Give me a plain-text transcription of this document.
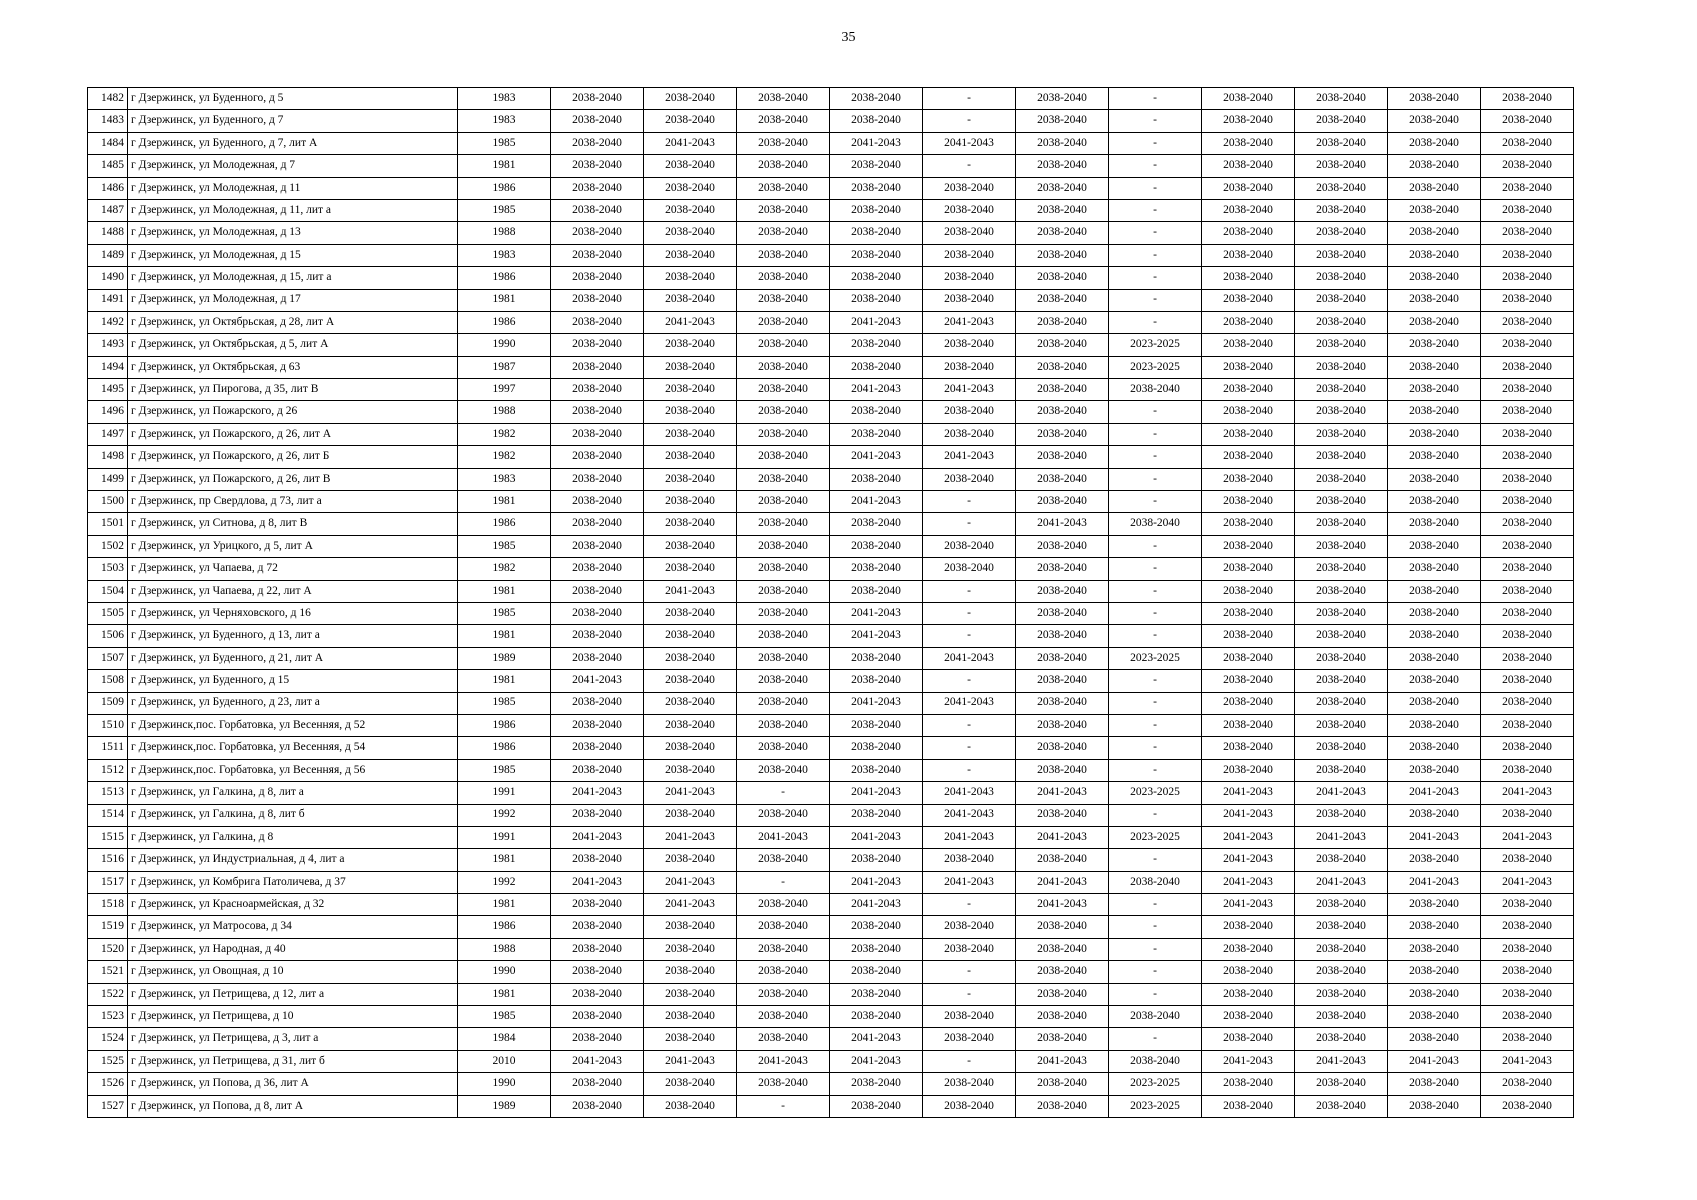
35
1482	г Дзержинск, ул Буденного, д 5	1983	2038-2040	2038-2040	2038-2040	2038-2040	-	2038-2040	-	2038-2040	2038-2040	2038-2040	2038-2040
1483	г Дзержинск, ул Буденного, д 7	1983	2038-2040	2038-2040	2038-2040	2038-2040	-	2038-2040	-	2038-2040	2038-2040	2038-2040	2038-2040
1484	г Дзержинск, ул Буденного, д 7, лит А	1985	2038-2040	2041-2043	2038-2040	2041-2043	2041-2043	2038-2040	-	2038-2040	2038-2040	2038-2040	2038-2040
1485	г Дзержинск, ул Молодежная, д 7	1981	2038-2040	2038-2040	2038-2040	2038-2040	-	2038-2040	-	2038-2040	2038-2040	2038-2040	2038-2040
1486	г Дзержинск, ул Молодежная, д 11	1986	2038-2040	2038-2040	2038-2040	2038-2040	2038-2040	2038-2040	-	2038-2040	2038-2040	2038-2040	2038-2040
1487	г Дзержинск, ул Молодежная, д 11, лит а	1985	2038-2040	2038-2040	2038-2040	2038-2040	2038-2040	2038-2040	-	2038-2040	2038-2040	2038-2040	2038-2040
1488	г Дзержинск, ул Молодежная, д 13	1988	2038-2040	2038-2040	2038-2040	2038-2040	2038-2040	2038-2040	-	2038-2040	2038-2040	2038-2040	2038-2040
1489	г Дзержинск, ул Молодежная, д 15	1983	2038-2040	2038-2040	2038-2040	2038-2040	2038-2040	2038-2040	-	2038-2040	2038-2040	2038-2040	2038-2040
1490	г Дзержинск, ул Молодежная, д 15, лит а	1986	2038-2040	2038-2040	2038-2040	2038-2040	2038-2040	2038-2040	-	2038-2040	2038-2040	2038-2040	2038-2040
1491	г Дзержинск, ул Молодежная, д 17	1981	2038-2040	2038-2040	2038-2040	2038-2040	2038-2040	2038-2040	-	2038-2040	2038-2040	2038-2040	2038-2040
1492	г Дзержинск, ул Октябрьская, д 28, лит А	1986	2038-2040	2041-2043	2038-2040	2041-2043	2041-2043	2038-2040	-	2038-2040	2038-2040	2038-2040	2038-2040
1493	г Дзержинск, ул Октябрьская, д 5, лит А	1990	2038-2040	2038-2040	2038-2040	2038-2040	2038-2040	2038-2040	2023-2025	2038-2040	2038-2040	2038-2040	2038-2040
1494	г Дзержинск, ул Октябрьская, д 63	1987	2038-2040	2038-2040	2038-2040	2038-2040	2038-2040	2038-2040	2023-2025	2038-2040	2038-2040	2038-2040	2038-2040
1495	г Дзержинск, ул Пирогова, д 35, лит В	1997	2038-2040	2038-2040	2038-2040	2041-2043	2041-2043	2038-2040	2038-2040	2038-2040	2038-2040	2038-2040	2038-2040
1496	г Дзержинск, ул Пожарского, д 26	1988	2038-2040	2038-2040	2038-2040	2038-2040	2038-2040	2038-2040	-	2038-2040	2038-2040	2038-2040	2038-2040
1497	г Дзержинск, ул Пожарского, д 26, лит А	1982	2038-2040	2038-2040	2038-2040	2038-2040	2038-2040	2038-2040	-	2038-2040	2038-2040	2038-2040	2038-2040
1498	г Дзержинск, ул Пожарского, д 26, лит Б	1982	2038-2040	2038-2040	2038-2040	2041-2043	2041-2043	2038-2040	-	2038-2040	2038-2040	2038-2040	2038-2040
1499	г Дзержинск, ул Пожарского, д 26, лит В	1983	2038-2040	2038-2040	2038-2040	2038-2040	2038-2040	2038-2040	-	2038-2040	2038-2040	2038-2040	2038-2040
1500	г Дзержинск, пр Свердлова, д 73, лит а	1981	2038-2040	2038-2040	2038-2040	2041-2043	-	2038-2040	-	2038-2040	2038-2040	2038-2040	2038-2040
1501	г Дзержинск, ул Ситнова, д 8, лит В	1986	2038-2040	2038-2040	2038-2040	2038-2040	-	2041-2043	2038-2040	2038-2040	2038-2040	2038-2040	2038-2040
1502	г Дзержинск, ул Урицкого, д 5, лит А	1985	2038-2040	2038-2040	2038-2040	2038-2040	2038-2040	2038-2040	-	2038-2040	2038-2040	2038-2040	2038-2040
1503	г Дзержинск, ул Чапаева, д 72	1982	2038-2040	2038-2040	2038-2040	2038-2040	2038-2040	2038-2040	-	2038-2040	2038-2040	2038-2040	2038-2040
1504	г Дзержинск, ул Чапаева, д 22, лит А	1981	2038-2040	2041-2043	2038-2040	2038-2040	-	2038-2040	-	2038-2040	2038-2040	2038-2040	2038-2040
1505	г Дзержинск, ул Черняховского, д 16	1985	2038-2040	2038-2040	2038-2040	2041-2043	-	2038-2040	-	2038-2040	2038-2040	2038-2040	2038-2040
1506	г Дзержинск, ул Буденного, д 13, лит а	1981	2038-2040	2038-2040	2038-2040	2041-2043	-	2038-2040	-	2038-2040	2038-2040	2038-2040	2038-2040
1507	г Дзержинск, ул Буденного, д 21, лит А	1989	2038-2040	2038-2040	2038-2040	2038-2040	2041-2043	2038-2040	2023-2025	2038-2040	2038-2040	2038-2040	2038-2040
1508	г Дзержинск, ул Буденного, д 15	1981	2041-2043	2038-2040	2038-2040	2038-2040	-	2038-2040	-	2038-2040	2038-2040	2038-2040	2038-2040
1509	г Дзержинск, ул Буденного, д 23, лит а	1985	2038-2040	2038-2040	2038-2040	2041-2043	2041-2043	2038-2040	-	2038-2040	2038-2040	2038-2040	2038-2040
1510	г Дзержинск,пос. Горбатовка, ул Весенняя, д 52	1986	2038-2040	2038-2040	2038-2040	2038-2040	-	2038-2040	-	2038-2040	2038-2040	2038-2040	2038-2040
1511	г Дзержинск,пос. Горбатовка, ул Весенняя, д 54	1986	2038-2040	2038-2040	2038-2040	2038-2040	-	2038-2040	-	2038-2040	2038-2040	2038-2040	2038-2040
1512	г Дзержинск,пос. Горбатовка, ул Весенняя, д 56	1985	2038-2040	2038-2040	2038-2040	2038-2040	-	2038-2040	-	2038-2040	2038-2040	2038-2040	2038-2040
1513	г Дзержинск, ул Галкина, д 8, лит а	1991	2041-2043	2041-2043	-	2041-2043	2041-2043	2041-2043	2023-2025	2041-2043	2041-2043	2041-2043	2041-2043
1514	г Дзержинск, ул Галкина, д 8, лит б	1992	2038-2040	2038-2040	2038-2040	2038-2040	2041-2043	2038-2040	-	2041-2043	2038-2040	2038-2040	2038-2040
1515	г Дзержинск, ул Галкина, д 8	1991	2041-2043	2041-2043	2041-2043	2041-2043	2041-2043	2041-2043	2023-2025	2041-2043	2041-2043	2041-2043	2041-2043
1516	г Дзержинск, ул Индустриальная, д 4, лит а	1981	2038-2040	2038-2040	2038-2040	2038-2040	2038-2040	2038-2040	-	2041-2043	2038-2040	2038-2040	2038-2040
1517	г Дзержинск, ул Комбрига Патоличева, д 37	1992	2041-2043	2041-2043	-	2041-2043	2041-2043	2041-2043	2038-2040	2041-2043	2041-2043	2041-2043	2041-2043
1518	г Дзержинск, ул Красноармейская, д 32	1981	2038-2040	2041-2043	2038-2040	2041-2043	-	2041-2043	-	2041-2043	2038-2040	2038-2040	2038-2040
1519	г Дзержинск, ул Матросова, д 34	1986	2038-2040	2038-2040	2038-2040	2038-2040	2038-2040	2038-2040	-	2038-2040	2038-2040	2038-2040	2038-2040
1520	г Дзержинск, ул Народная, д 40	1988	2038-2040	2038-2040	2038-2040	2038-2040	2038-2040	2038-2040	-	2038-2040	2038-2040	2038-2040	2038-2040
1521	г Дзержинск, ул Овощная, д 10	1990	2038-2040	2038-2040	2038-2040	2038-2040	-	2038-2040	-	2038-2040	2038-2040	2038-2040	2038-2040
1522	г Дзержинск, ул Петрищева, д 12, лит а	1981	2038-2040	2038-2040	2038-2040	2038-2040	-	2038-2040	-	2038-2040	2038-2040	2038-2040	2038-2040
1523	г Дзержинск, ул Петрищева, д 10	1985	2038-2040	2038-2040	2038-2040	2038-2040	2038-2040	2038-2040	2038-2040	2038-2040	2038-2040	2038-2040	2038-2040
1524	г Дзержинск, ул Петрищева, д 3, лит а	1984	2038-2040	2038-2040	2038-2040	2041-2043	2038-2040	2038-2040	-	2038-2040	2038-2040	2038-2040	2038-2040
1525	г Дзержинск, ул Петрищева, д 31, лит б	2010	2041-2043	2041-2043	2041-2043	2041-2043	-	2041-2043	2038-2040	2041-2043	2041-2043	2041-2043	2041-2043
1526	г Дзержинск, ул Попова, д 36, лит А	1990	2038-2040	2038-2040	2038-2040	2038-2040	2038-2040	2038-2040	2023-2025	2038-2040	2038-2040	2038-2040	2038-2040
1527	г Дзержинск, ул Попова, д 8, лит А	1989	2038-2040	2038-2040	-	2038-2040	2038-2040	2038-2040	2023-2025	2038-2040	2038-2040	2038-2040	2038-2040
